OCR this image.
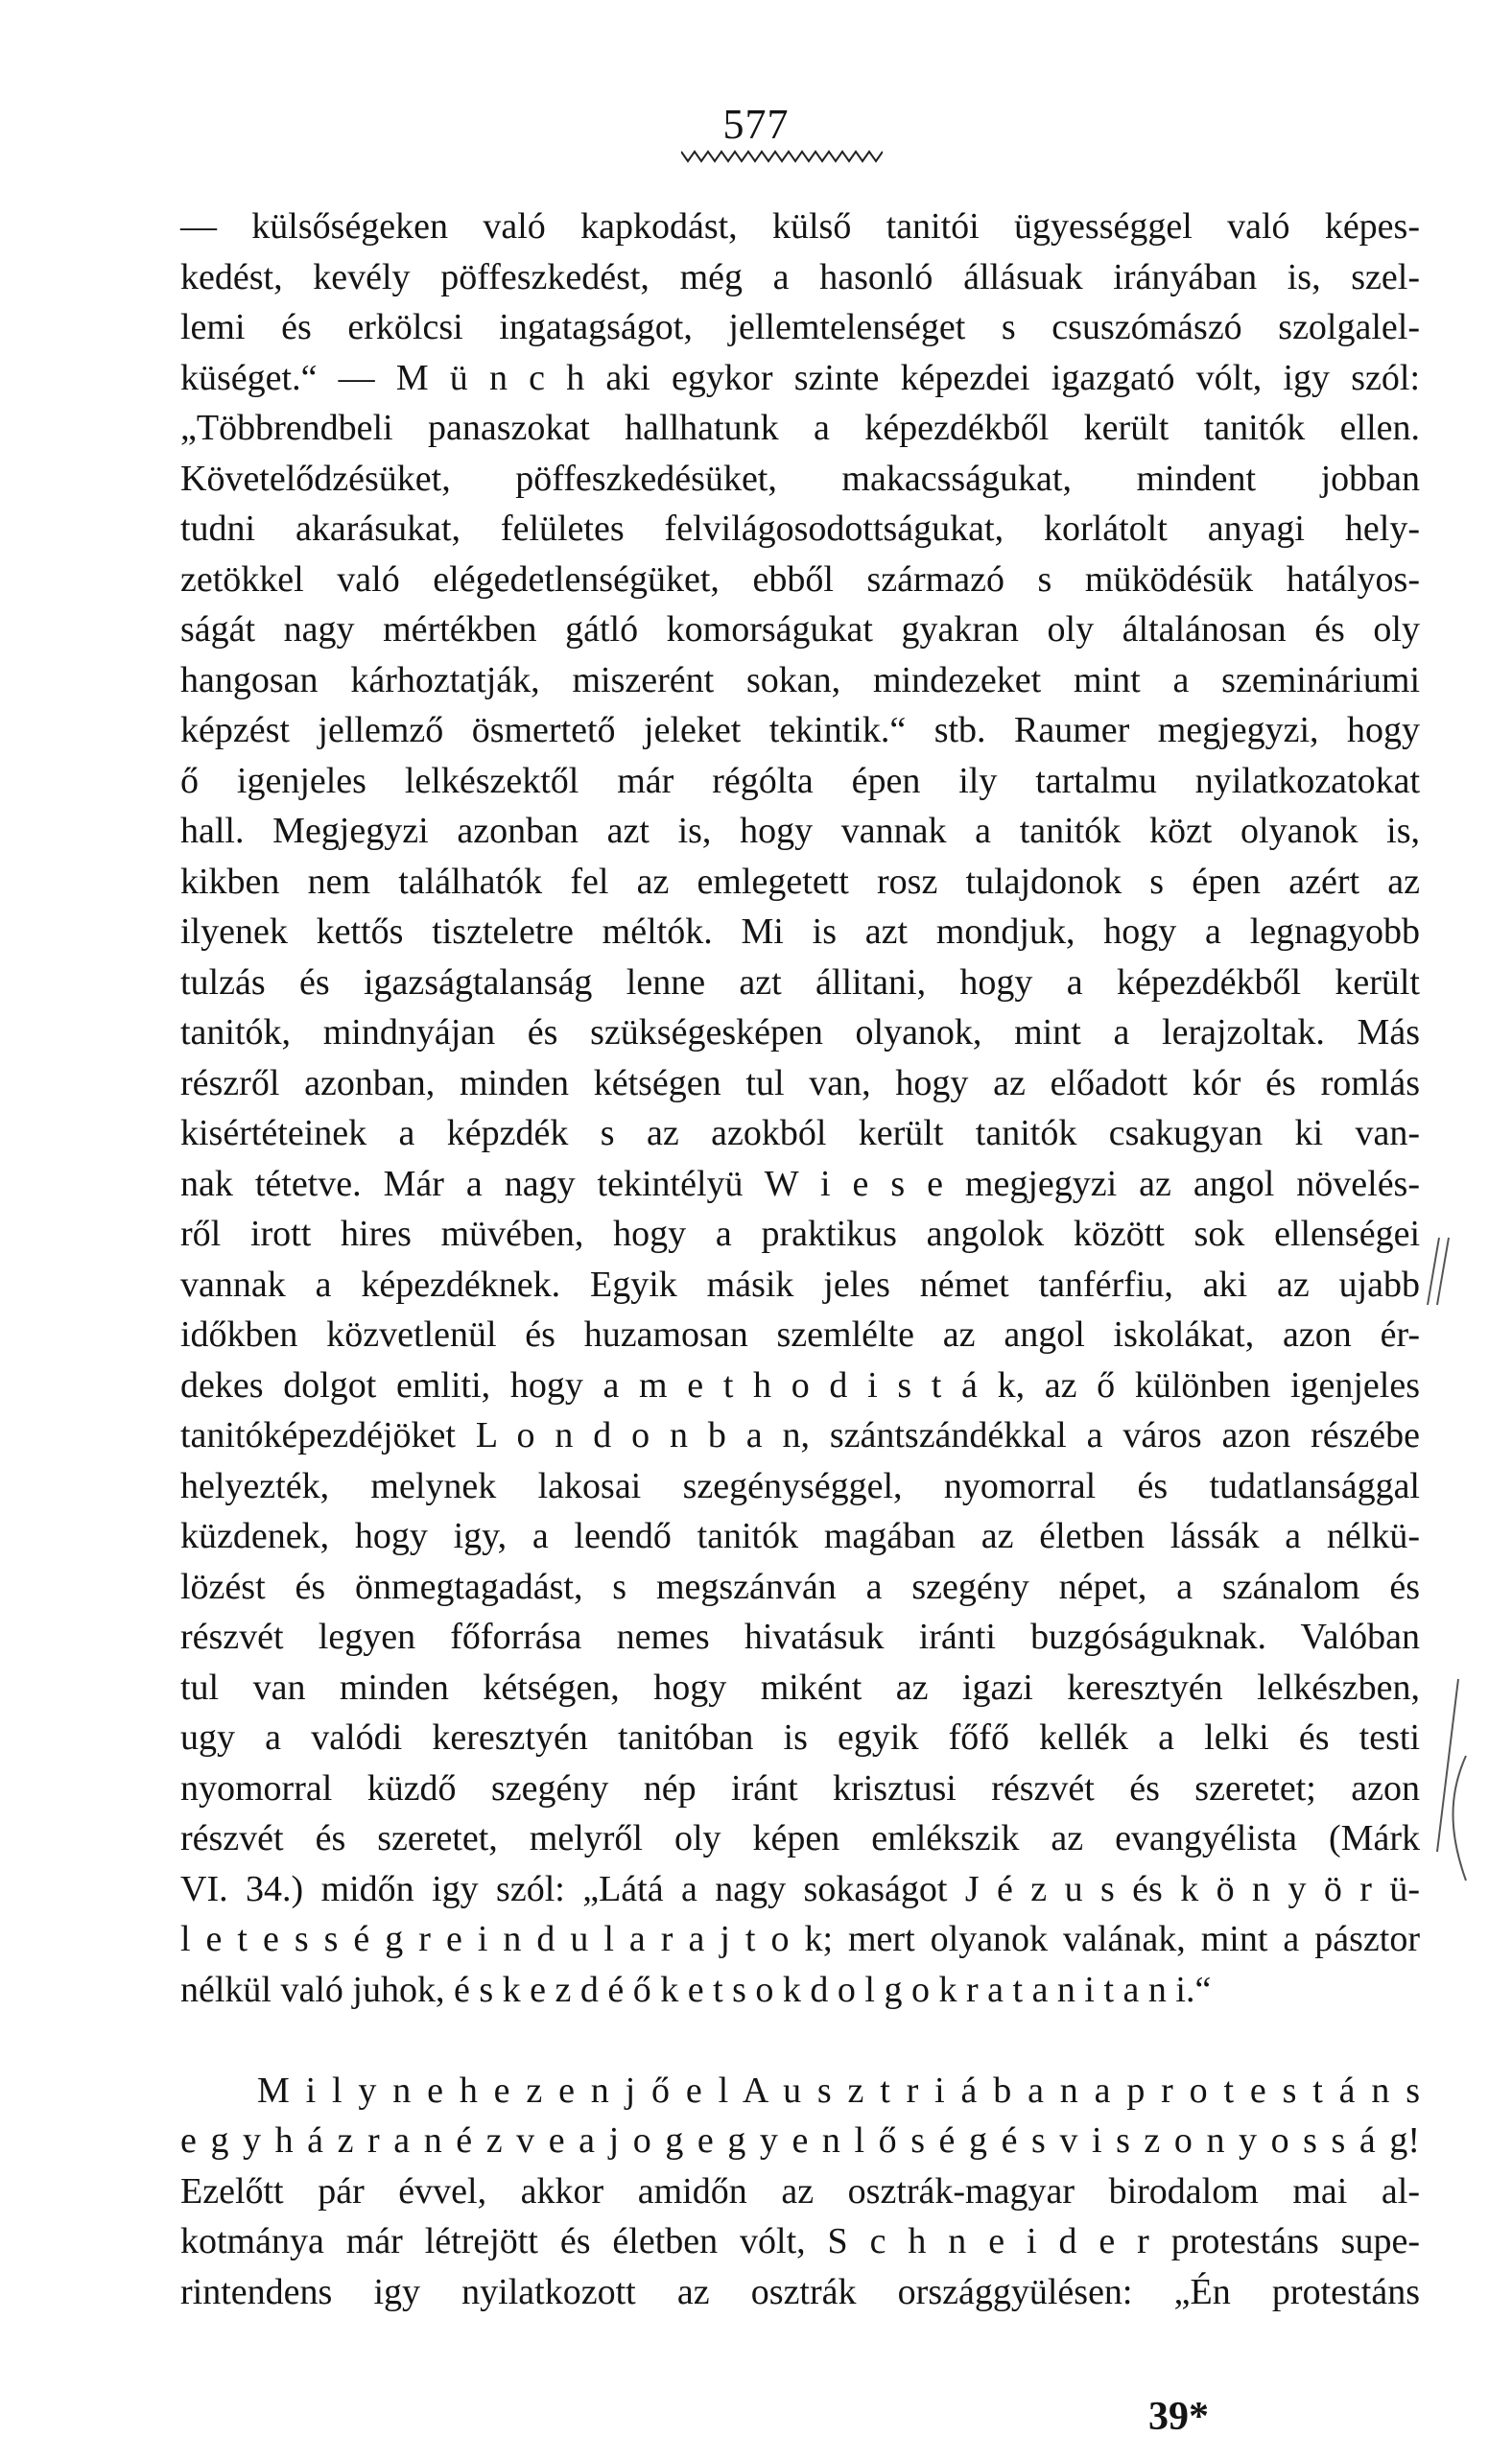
577
— külsőségeken való kapkodást, külső tanitói ügyességgel való képes-
kedést, kevély pöffeszkedést, még a hasonló állásuak irányában is, szel-
lemi és erkölcsi ingatagságot, jellemtelenséget s csuszómászó szolgalel-
küséget.“ — M ü n c h aki egykor szinte képezdei igazgató vólt, igy szól:
„Többrendbeli panaszokat hallhatunk a képezdékből került tanitók ellen.
Követelődzésüket, pöffeszkedésüket, makacsságukat, mindent jobban
tudni akarásukat, felületes felvilágosodottságukat, korlátolt anyagi hely-
zetökkel való elégedetlenségüket, ebből származó s müködésük hatályos-
ságát nagy mértékben gátló komorságukat gyakran oly általánosan és oly
hangosan kárhoztatják, miszerént sokan, mindezeket mint a szemináriumi
képzést jellemző ösmertető jeleket tekintik.“ stb. Raumer megjegyzi, hogy
ő igenjeles lelkészektől már régólta épen ily tartalmu nyilatkozatokat
hall. Megjegyzi azonban azt is, hogy vannak a tanitók közt olyanok is,
kikben nem találhatók fel az emlegetett rosz tulajdonok s épen azért az
ilyenek kettős tiszteletre méltók. Mi is azt mondjuk, hogy a legnagyobb
tulzás és igazságtalanság lenne azt állitani, hogy a képezdékből került
tanitók, mindnyájan és szükségesképen olyanok, mint a lerajzoltak. Más
részről azonban, minden kétségen tul van, hogy az előadott kór és romlás
kisértéteinek a képzdék s az azokból került tanitók csakugyan ki van-
nak tétetve. Már a nagy tekintélyü W i e s e megjegyzi az angol növelés-
ről irott hires müvében, hogy a praktikus angolok között sok ellenségei
vannak a képezdéknek. Egyik másik jeles német tanférfiu, aki az ujabb
időkben közvetlenül és huzamosan szemlélte az angol iskolákat, azon ér-
dekes dolgot emliti, hogy a m e t h o d i s t á k, az ő különben igenjeles
tanitóképezdéjöket L o n d o n b a n, szántszándékkal a város azon részébe
helyezték, melynek lakosai szegénységgel, nyomorral és tudatlansággal
küzdenek, hogy igy, a leendő tanitók magában az életben lássák a nélkü-
lözést és önmegtagadást, s megszánván a szegény népet, a szánalom és
részvét legyen főforrása nemes hivatásuk iránti buzgóságuknak. Valóban
tul van minden kétségen, hogy miként az igazi keresztyén lelkészben,
ugy a valódi keresztyén tanitóban is egyik főfő kellék a lelki és testi
nyomorral küzdő szegény nép iránt krisztusi részvét és szeretet; azon
részvét és szeretet, melyről oly képen emlékszik az evangyélista (Márk
VI. 34.) midőn igy szól: „Látá a nagy sokaságot J é z u s és k ö n y ö r ü-
l e t e s s é g r e i n d u l a r a j t o k; mert olyanok valának, mint a pásztor
nélkül való juhok, é s k e z d é ő k e t s o k d o l g o k r a t a n i t a n i.“
M i l y n e h e z e n j ő e l A u s z t r i á b a n a p r o t e s t á n s
e g y h á z r a n é z v e a j o g e g y e n l ő s é g é s v i s z o n y o s s á g!
Ezelőtt pár évvel, akkor amidőn az osztrák-magyar birodalom mai al-
kotmánya már létrejött és életben vólt, S c h n e i d e r protestáns supe-
rintendens igy nyilatkozott az osztrák országgyülésen: „Én protestáns
39*
